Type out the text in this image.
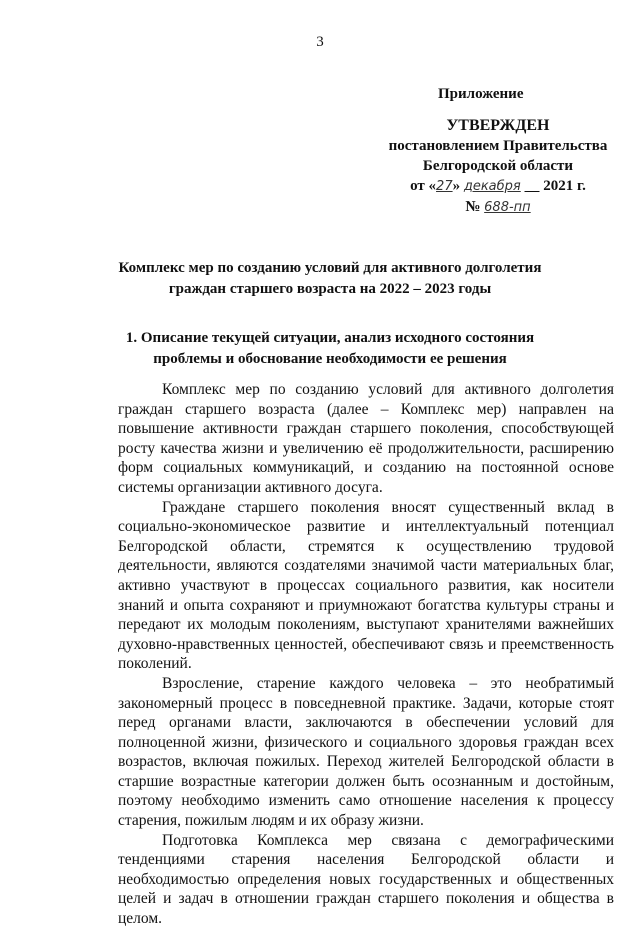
3
Приложение
УТВЕРЖДЕН
постановлением Правительства
Белгородской области
от «27» декабря 2021 г.
№ 688-пп
Комплекс мер по созданию условий для активного долголетия
граждан старшего возраста на 2022 – 2023 годы
1. Описание текущей ситуации, анализ исходного состояния
проблемы и обоснование необходимости ее решения

Комплекс мер по созданию условий для активного долголетия граждан старшего возраста (далее – Комплекс мер) направлен на повышение активности граждан старшего поколения, способствующей росту качества жизни и увеличению её продолжительности, расширению форм социальных коммуникаций, и созданию на постоянной основе системы организации активного досуга.

Граждане старшего поколения вносят существенный вклад в социально-экономическое развитие и интеллектуальный потенциал Белгородской области, стремятся к осуществлению трудовой деятельности, являются создателями значимой части материальных благ, активно участвуют в процессах социального развития, как носители знаний и опыта сохраняют и приумножают богатства культуры страны и передают их молодым поколениям, выступают хранителями важнейших духовно-нравственных ценностей, обеспечивают связь и преемственность поколений.

Взросление, старение каждого человека – это необратимый закономерный процесс в повседневной практике. Задачи, которые стоят перед органами власти, заключаются в обеспечении условий для полноценной жизни, физического и социального здоровья граждан всех возрастов, включая пожилых. Переход жителей Белгородской области в старшие возрастные категории должен быть осознанным и достойным, поэтому необходимо изменить само отношение населения к процессу старения, пожилым людям и их образу жизни.

Подготовка Комплекса мер связана с демографическими тенденциями старения населения Белгородской области и необходимостью определения новых государственных и общественных целей и задач в отношении граждан старшего поколения и общества в целом.
